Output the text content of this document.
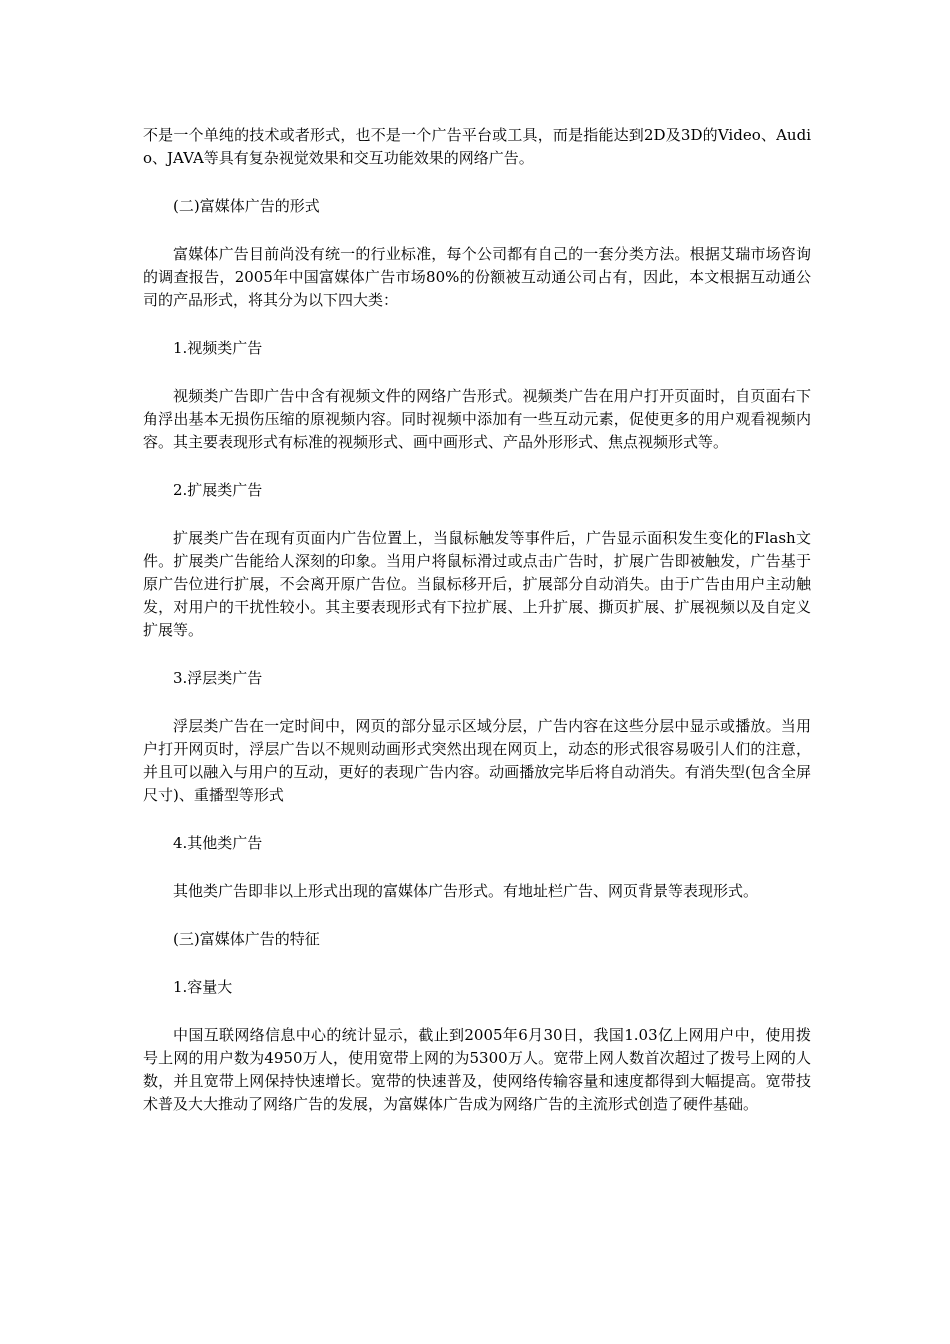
不是一个单纯的技术或者形式，也不是一个广告平台或工具，而是指能达到2D及3D的Video、Audio、JAVA等具有复杂视觉效果和交互功能效果的网络广告。

(二)富媒体广告的形式

富媒体广告目前尚没有统一的行业标准，每个公司都有自己的一套分类方法。根据艾瑞市场咨询的调查报告，2005年中国富媒体广告市场80%的份额被互动通公司占有，因此，本文根据互动通公司的产品形式，将其分为以下四大类：

1.视频类广告

视频类广告即广告中含有视频文件的网络广告形式。视频类广告在用户打开页面时，自页面右下角浮出基本无损伤压缩的原视频内容。同时视频中添加有一些互动元素，促使更多的用户观看视频内容。其主要表现形式有标准的视频形式、画中画形式、产品外形形式、焦点视频形式等。

2.扩展类广告

扩展类广告在现有页面内广告位置上，当鼠标触发等事件后，广告显示面积发生变化的Flash文件。扩展类广告能给人深刻的印象。当用户将鼠标滑过或点击广告时，扩展广告即被触发，广告基于原广告位进行扩展，不会离开原广告位。当鼠标移开后，扩展部分自动消失。由于广告由用户主动触发，对用户的干扰性较小。其主要表现形式有下拉扩展、上升扩展、撕页扩展、扩展视频以及自定义扩展等。

3.浮层类广告

浮层类广告在一定时间中，网页的部分显示区域分层，广告内容在这些分层中显示或播放。当用户打开网页时，浮层广告以不规则动画形式突然出现在网页上，动态的形式很容易吸引人们的注意，并且可以融入与用户的互动，更好的表现广告内容。动画播放完毕后将自动消失。有消失型(包含全屏尺寸)、重播型等形式

4.其他类广告

其他类广告即非以上形式出现的富媒体广告形式。有地址栏广告、网页背景等表现形式。

(三)富媒体广告的特征

1.容量大

中国互联网络信息中心的统计显示，截止到2005年6月30日，我国1.03亿上网用户中，使用拨号上网的用户数为4950万人，使用宽带上网的为5300万人。宽带上网人数首次超过了拨号上网的人数，并且宽带上网保持快速增长。宽带的快速普及，使网络传输容量和速度都得到大幅提高。宽带技术普及大大推动了网络广告的发展，为富媒体广告成为网络广告的主流形式创造了硬件基础。
